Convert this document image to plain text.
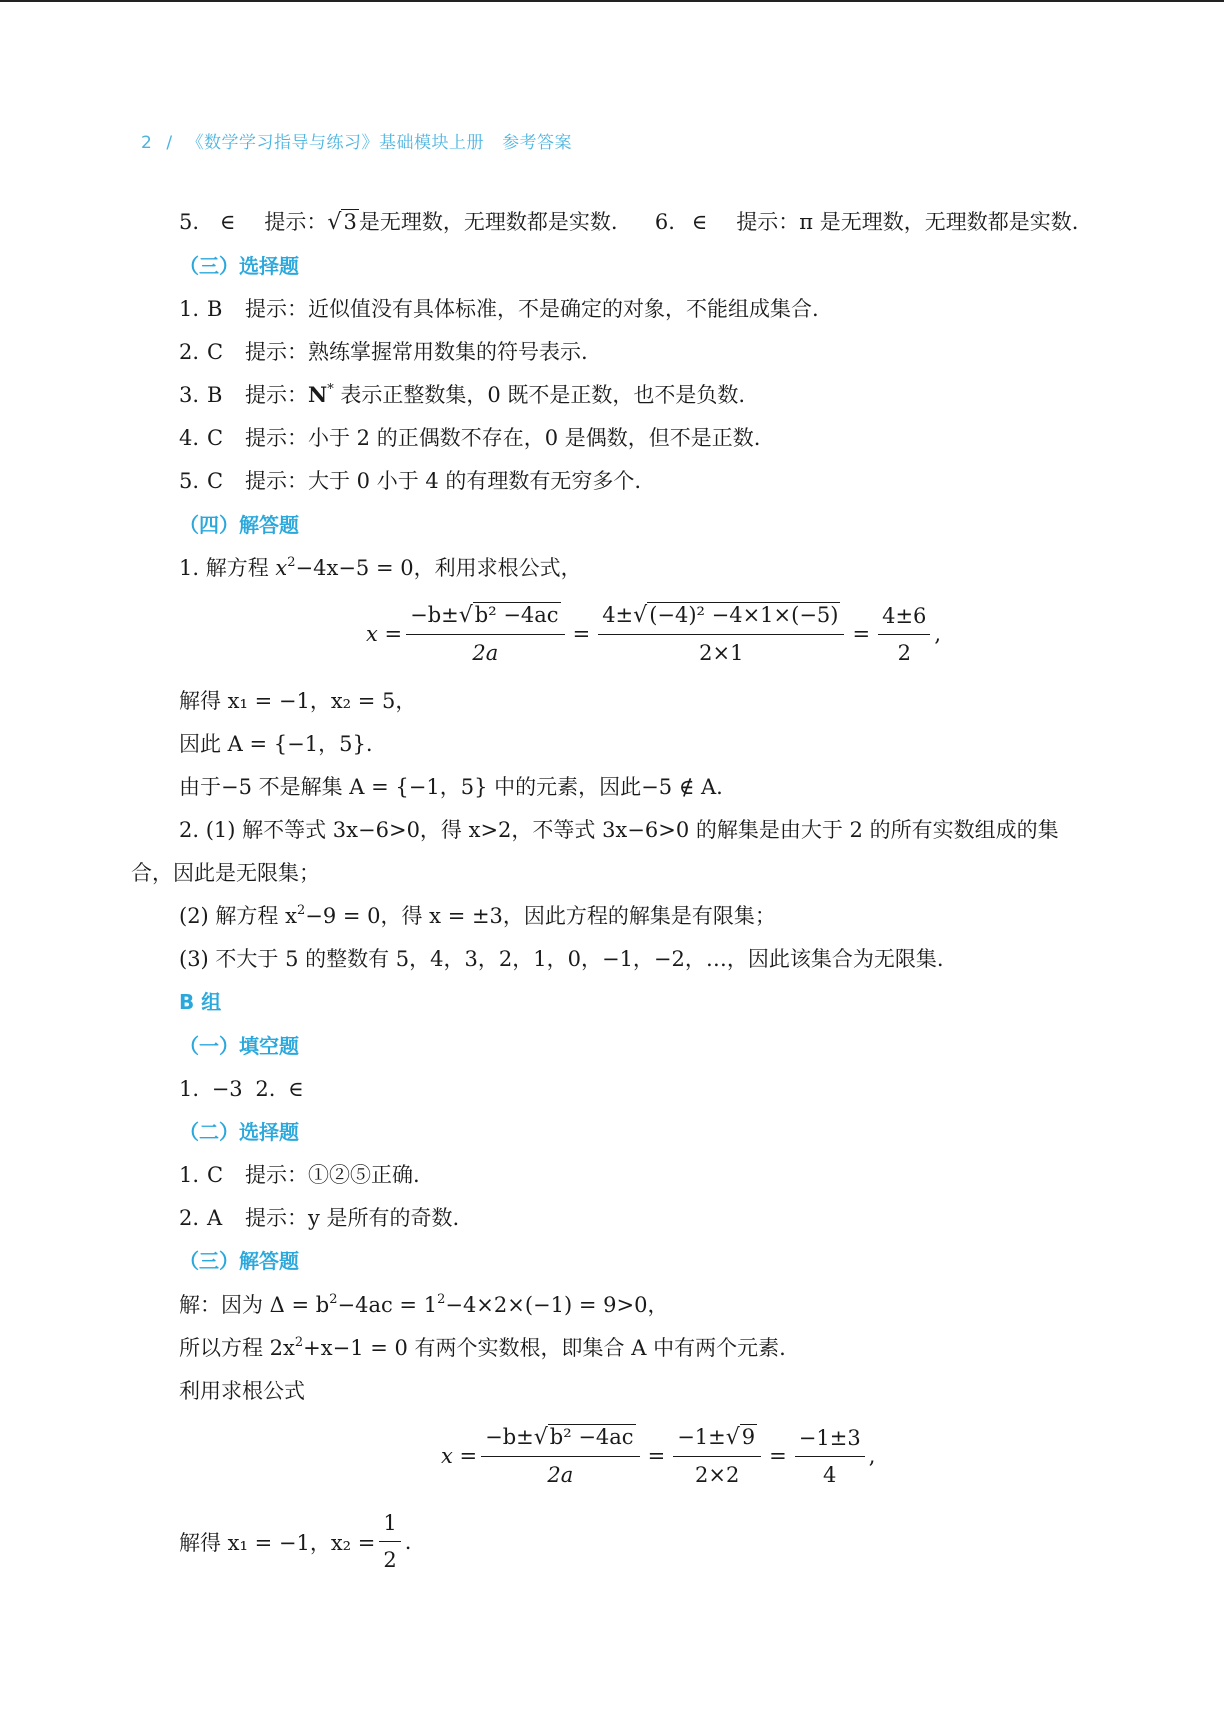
2 / 《数学学习指导与练习》基础模块上册 参考答案
5. ∈ 提示：√3是无理数，无理数都是实数. 6. ∈ 提示：π 是无理数，无理数都是实数.
（三）选择题
1. B 提示：近似值没有具体标准，不是确定的对象，不能组成集合.
2. C 提示：熟练掌握常用数集的符号表示.
3. B 提示：N* 表示正整数集，0 既不是正数，也不是负数.
4. C 提示：小于 2 的正偶数不存在，0 是偶数，但不是正数.
5. C 提示：大于 0 小于 4 的有理数有无穷多个.
（四）解答题
1. 解方程 $x^2-4x-5 = 0$，利用求根公式，
$x = \frac{\text{−b±√b² −4ac}}{2a} = \frac{\text{4±√(−4)² −4×1×(−5)}}{2\times 1} = \frac{4\pm 6}{2}$ ,
解得 x₁ = −1，x₂ = 5，
因此 A = {−1，5}.
由于−5 不是解集 A = {−1，5} 中的元素，因此−5 ∉ A.
2. (1) 解不等式 3x−6>0，得 x>2，不等式 3x−6>0 的解集是由大于 2 的所有实数组成的集
合，因此是无限集；
(2) 解方程 $x^2-9 = 0$，得 x = ±3，因此方程的解集是有限集；
(3) 不大于 5 的整数有 5，4，3，2，1，0，−1，−2，…，因此该集合为无限集.
B 组
（一）填空题
1. −3 2. ∈
（二）选择题
1. C 提示：①②⑤正确.
2. A 提示：y 是所有的奇数.
（三）解答题
解：因为 $\Delta = b^2-4ac = 1^2-4\times 2\times(-1) = 9>0$，
所以方程 $2x^2+x-1 = 0$ 有两个实数根，即集合 A 中有两个元素.
利用求根公式
$x = \frac{\text{−b±√b² −4ac}}{2a} = \frac{-1\pm√9}{2\times 2} = \frac{-1\pm 3}{4}$ ,
解得 x₁ = −1，$x_2 = \frac{1}{2}$ .
